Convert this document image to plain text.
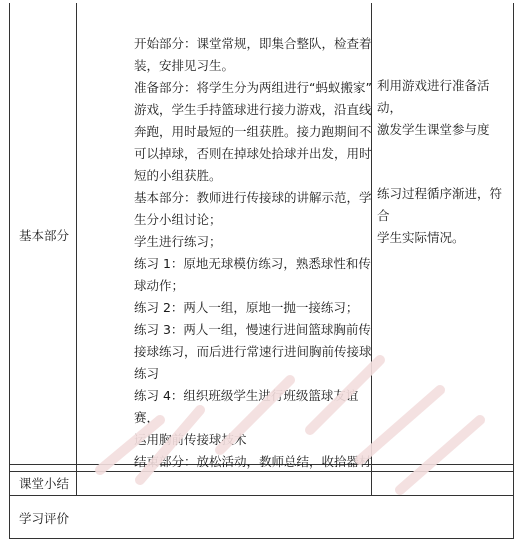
基本部分
课堂小结
学习评价

开始部分：课堂常规，即集合整队，检查着

装，安排见习生。

准备部分：将学生分为两组进行“蚂蚁搬家”

游戏，学生手持篮球进行接力游戏，沿直线

奔跑，用时最短的一组获胜。接力跑期间不

可以掉球，否则在掉球处拾球并出发，用时

短的小组获胜。

基本部分：教师进行传接球的讲解示范，学

生分小组讨论；

学生进行练习；

练习 1：原地无球模仿练习，熟悉球性和传

球动作；

练习 2：两人一组，原地一抛一接练习；

练习 3：两人一组，慢速行进间篮球胸前传

接球练习，而后进行常速行进间胸前传接球

练习

练习 4：组织班级学生进行班级篮球友谊赛，

运用胸前传接球技术

结束部分：放松活动，教师总结，收拾器材

利用游戏进行准备活动，

激发学生课堂参与度

练习过程循序渐进，符合

学生实际情况。
